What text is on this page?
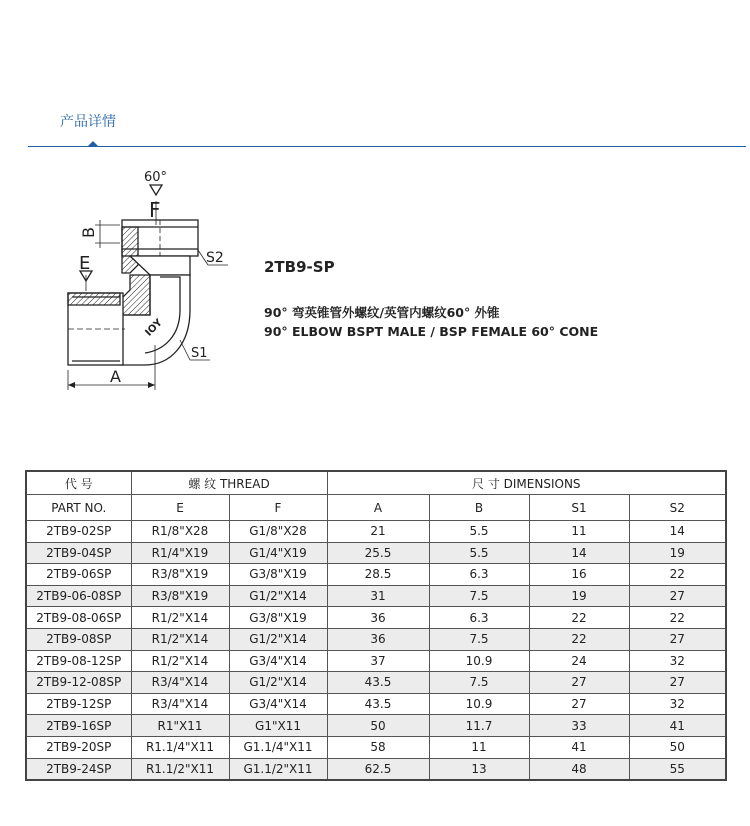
产品详情
60°
F
B
E	S2
S1
A
IOY
2TB9-SP
90° 弯英锥管外螺纹/英管内螺纹60° 外锥
90° ELBOW BSPT MALE / BSP FEMALE 60° CONE
代 号	螺 纹 THREAD		尺 寸 DIMENSIONS			
PART NO.	E	F	A	B	S1	S2
2TB9-02SP	R1/8"X28	G1/8"X28	21	5.5	11	14
2TB9-04SP	R1/4"X19	G1/4"X19	25.5	5.5	14	19
2TB9-06SP	R3/8"X19	G3/8"X19	28.5	6.3	16	22
2TB9-06-08SP	R3/8"X19	G1/2"X14	31	7.5	19	27
2TB9-08-06SP	R1/2"X14	G3/8"X19	36	6.3	22	22
2TB9-08SP	R1/2"X14	G1/2"X14	36	7.5	22	27
2TB9-08-12SP	R1/2"X14	G3/4"X14	37	10.9	24	32
2TB9-12-08SP	R3/4"X14	G1/2"X14	43.5	7.5	27	27
2TB9-12SP	R3/4"X14	G3/4"X14	43.5	10.9	27	32
2TB9-16SP	R1"X11	G1"X11	50	11.7	33	41
2TB9-20SP	R1.1/4"X11	G1.1/4"X11	58	11	41	50
2TB9-24SP	R1.1/2"X11	G1.1/2"X11	62.5	13	48	55
